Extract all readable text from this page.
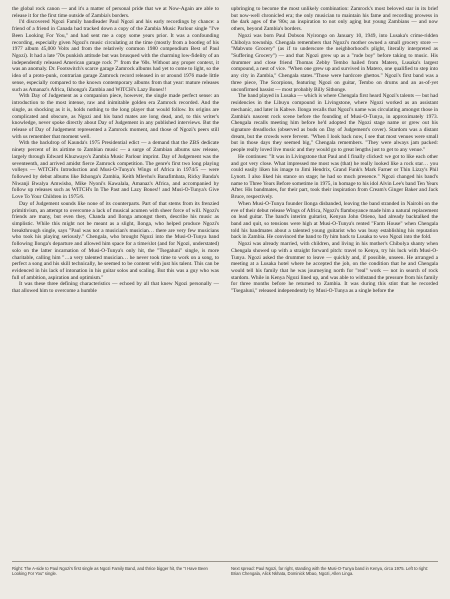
the global rock canon — and it's a matter of personal pride that we at Now-Again are able to release it for the first time outside of Zambia's borders.

I'd discovered Ngozi Family bandleader Paul Ngozi and his early recordings by chance: a friend of a friend in Canada had tracked down a copy of the Zambia Music Parlour single "I've Been Looking For You," and had sent me a copy some years prior. It was a confounding recording, especially given Ngozi's music circulating at the time (mostly from a bootleg of his 1977 album 45,000 Volts and from the relatively common 1980 compendium Best of Paul Ngozi). It had a late '70s punkish attitude but was brusqued with the charming low-fidelity of an independently released American garage rock 7" from the '60s. Without any proper context, it was an anomaly. Dr. Footswitch's scarce garage Zamrock albums had yet to come to light, so the idea of a proto-punk, contrarian garage Zamrock record released in or around 1976 made little sense, especially compared to the known contemporary albums from that year: mature releases such as Amanaz's Africa, Ikhonga's Zambia and WITCH's Lazy Bones!!

With Day of Judgement as a companion piece, however, the single made perfect sense: an introduction to the most intense, raw and inimitable golden era Zamrock recorded. And the single, as shocking as it is, holds nothing to the long player that would follow. Its origins are complicated and obscure, as Ngozi and his band mates are long dead, and, to this writer's knowledge, never spoke directly about Day of Judgement in any published interviews. But the release of Day of Judgement represented a Zamrock moment, and those of Ngozi's peers still with us remember that moment well.

With the backdrop of Kaunda's 1975 Presidential edict — a demand that the ZBS dedicate ninety percent of its airtime to Zambian music — a surge of Zambian albums saw release, largely through Edward Khuzwayo's Zambia Music Parlour imprint. Day of Judgement was the seventeenth, and arrived amidst fierce Zamrock competition. The genre's first two long playing volleys — WITCH's Introduction and Musi-O-Tunya's Wings of Africa in 1974/5 — were followed by debut albums like Ikhonga's Zambia, Keith Mlevhu's Banafimbata, Ricky Banda's Niwanji Bwalya Amwisho, Mike Nyoni's Kawalala, Amanaz's Africa, and accompanied by follow up releases such as WITCH's In The Past and Lazy Bones!! and Musi-O-Tunya's Give Love To Your Children in 1975/6.

Day of Judgement sounds like none of its counterparts. Part of that stems from its frenzied primitivism, an attempt to overcome a lack of musical acumen with sheer force of will. Ngozi's friends are many, but even they, Chanda and Ilonga amongst them, describe his music as simplistic. While this might not be meant as a slight, Ilonga, who helped produce Ngozi's breakthrough single, says "Paul was not a musician's musician… there are very few musicians who took his playing seriously." Chengala, who brought Ngozi into the Musi-O-Tunya band following Ilonga's departure and allowed him space for a time/slot (and for Ngozi, understated) solo on the latter incarnation of Musi-O-Tunya's only hit, the "Tsegaluni" single, is more charitable, calling him "…a very talented musician… he never took time to work on a song, to perfect a song and his skill technically, he seemed to be content with just his talent. This can be evidenced in his lack of intonation in his guitar solos and scaling. But this was a guy who was full of ambition, aspiration and optimism."

It was these three defining characteristics — echoed by all that knew Ngozi personally — that allowed him to overcome a humble

upbringing to become the most unlikely combination: Zamrock's most beloved star in its brief but now-well chronicled era; the only musician to maintain his fame and recording prowess in the dark ages of the '80s; an inspiration to not only aging but young Zambians — and now others, beyond Zambia's borders.

Ngozi was born Paul Dobson Nyirongo on January 10, 1949, into Lusaka's crime-ridden Chibolya township. Chengala remembers that Ngozi's mother owned a small grocery store — "Mabvuto Grocery" (as if to underscore the neighborhood's plight, literally interpreted as "Suffering Grocery") — and that Ngozi grew up as a "rude boy" before taking to music. His drummer and close friend Thomas Zebby Tembo hailed from Matero, Lusaka's largest compound, a nest of vice. "When one grew up and survived in Matero, one qualified to step into any city in Zambia," Chengala states."Those were hardcore ghettos." Ngozi's first band was a three piece, The Scorpions, featuring Ngozi on guitar, Tembo on drums and an as-of-yet unconfirmed bassist — most probably Billy Sithonge.

The band played in Lusaka — which is where Chengala first heard Ngozi's talents — but had residencies in the Libuyu compound in Livingstone, where Ngozi worked as an assistant mechanic, and later in Kabwe. Ilonga recalls that Ngozi's name was circulating amongst those in Zambia's nascent rock scene before the founding of Musi-O-Tunya, in approximately 1973. Chengala recalls meeting him before he'd adopted the Ngozi stage name or grew out his signature dreadlocks (observed as buds on Day of Judgement's cover). Stardom was a distant dream, but the crowds were fervent. "When I look back now, I see that most venues were small but in those days they seemed big," Chengala remembers. "They were always jam packed: people really loved live music and they would go to great lengths just to get to any venue."

He continues: "It was in Livingstone that Paul and I finally clicked: we got to like each other and got very close. What impressed me most was (that) he really looked like a rock star… you could easily liken his image to Jimi Hendrix, Grand Funk's Mark Farner or Thin Lizzy's Phil Lynott. I also liked his stance on stage; he had so much presence." Ngozi changed his band's name to Three Years Before sometime in 1975, in homage to his idol Alvin Lee's band Ten Years After. His bandmates, for their part, took their inspiration from Cream's Ginger Baker and Jack Bruce, respectively.

When Musi-O-Tunya founder Ilonga disbanded, leaving the band stranded in Nairobi on the eve of their debut release Wings of Africa, Ngozi's flamboyance made him a natural replacement on lead guitar. The band's interim guitarist, Kenyan John Otieno, had already backtalked the band and quit, so tensions were high at Musi-O-Tunya's rented "Farm House" when Chengala told his bandmates about a talented young guitarist who was busy establishing his reputation back in Zambia. He convinced the band to fly him back to Lusaka to woo Ngozi into the fold.

Ngozi was already married, with children, and living in his mother's Chibolya shanty when Chengala showed up with a straight forward pitch: travel to Kenya, try his luck with Musi-O-Tunya. Ngozi asked the drummer to leave — quickly and, if possible, unseen. He arranged a meeting at a Lusaka hotel where he accepted the job, on the condition that he and Chengala would tell his family that he was journeying north for "real" work — not in search of rock stardom. While in Kenya Ngozi lined up, and was able to withstand the pressure from his family for three months before he returned to Zambia. It was during this stint that he recorded "Tsegaluni," released independently by Musi-O-Tunya as a single before the

Right: The A-side to Paul Ngozi's first single as Ngozi Family Band, and thrice bigger hit, the "I Have Been Looking For You" single.
Next spread: Paul Ngozi, far right, standing with the Musi-O-Tunya band in Kenya, circa 1975. Left to right: Brian Chengala, Alick Nkhata, Dominick Mbao, Ngozi, Allen Linga.
